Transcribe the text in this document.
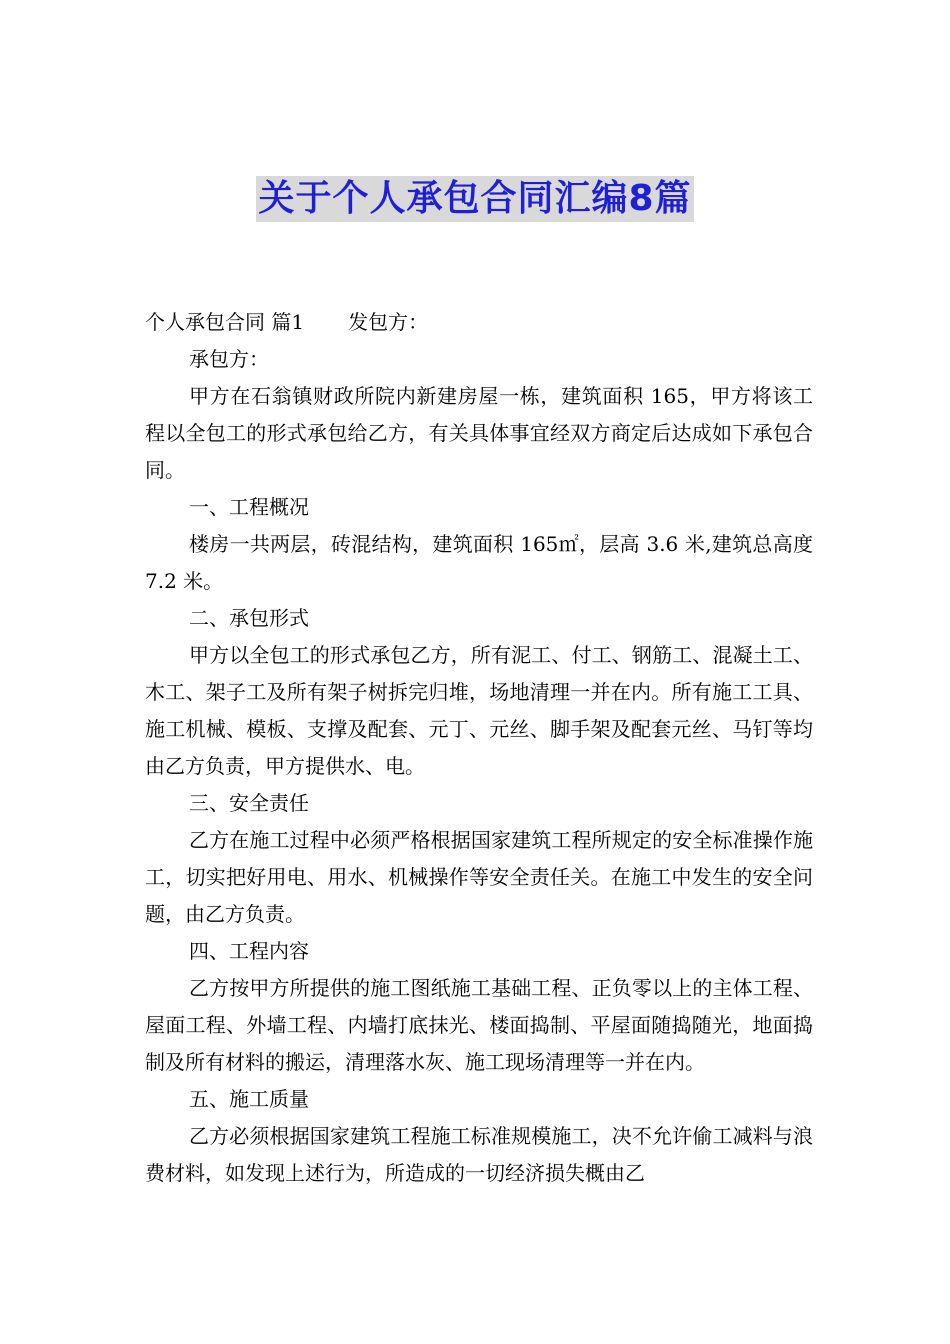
关于个人承包合同汇编8篇

个人承包合同 篇1 发包方：

承包方：

甲方在石翁镇财政所院内新建房屋一栋，建筑面积 165，甲方将该工程以全包工的形式承包给乙方，有关具体事宜经双方商定后达成如下承包合同。

一、工程概况

楼房一共两层，砖混结构，建筑面积 165㎡，层高 3.6 米,建筑总高度 7.2 米。

二、承包形式

甲方以全包工的形式承包乙方，所有泥工、付工、钢筋工、混凝土工、木工、架子工及所有架子树拆完归堆，场地清理一并在内。所有施工工具、施工机械、模板、支撑及配套、元丁、元丝、脚手架及配套元丝、马钉等均由乙方负责，甲方提供水、电。

三、安全责任

乙方在施工过程中必须严格根据国家建筑工程所规定的安全标准操作施工，切实把好用电、用水、机械操作等安全责任关。在施工中发生的安全问题，由乙方负责。

四、工程内容

乙方按甲方所提供的施工图纸施工基础工程、正负零以上的主体工程、屋面工程、外墙工程、内墙打底抹光、楼面捣制、平屋面随捣随光，地面捣制及所有材料的搬运，清理落水灰、施工现场清理等一并在内。

五、施工质量

乙方必须根据国家建筑工程施工标准规模施工，决不允许偷工减料与浪费材料，如发现上述行为，所造成的一切经济损失概由乙
